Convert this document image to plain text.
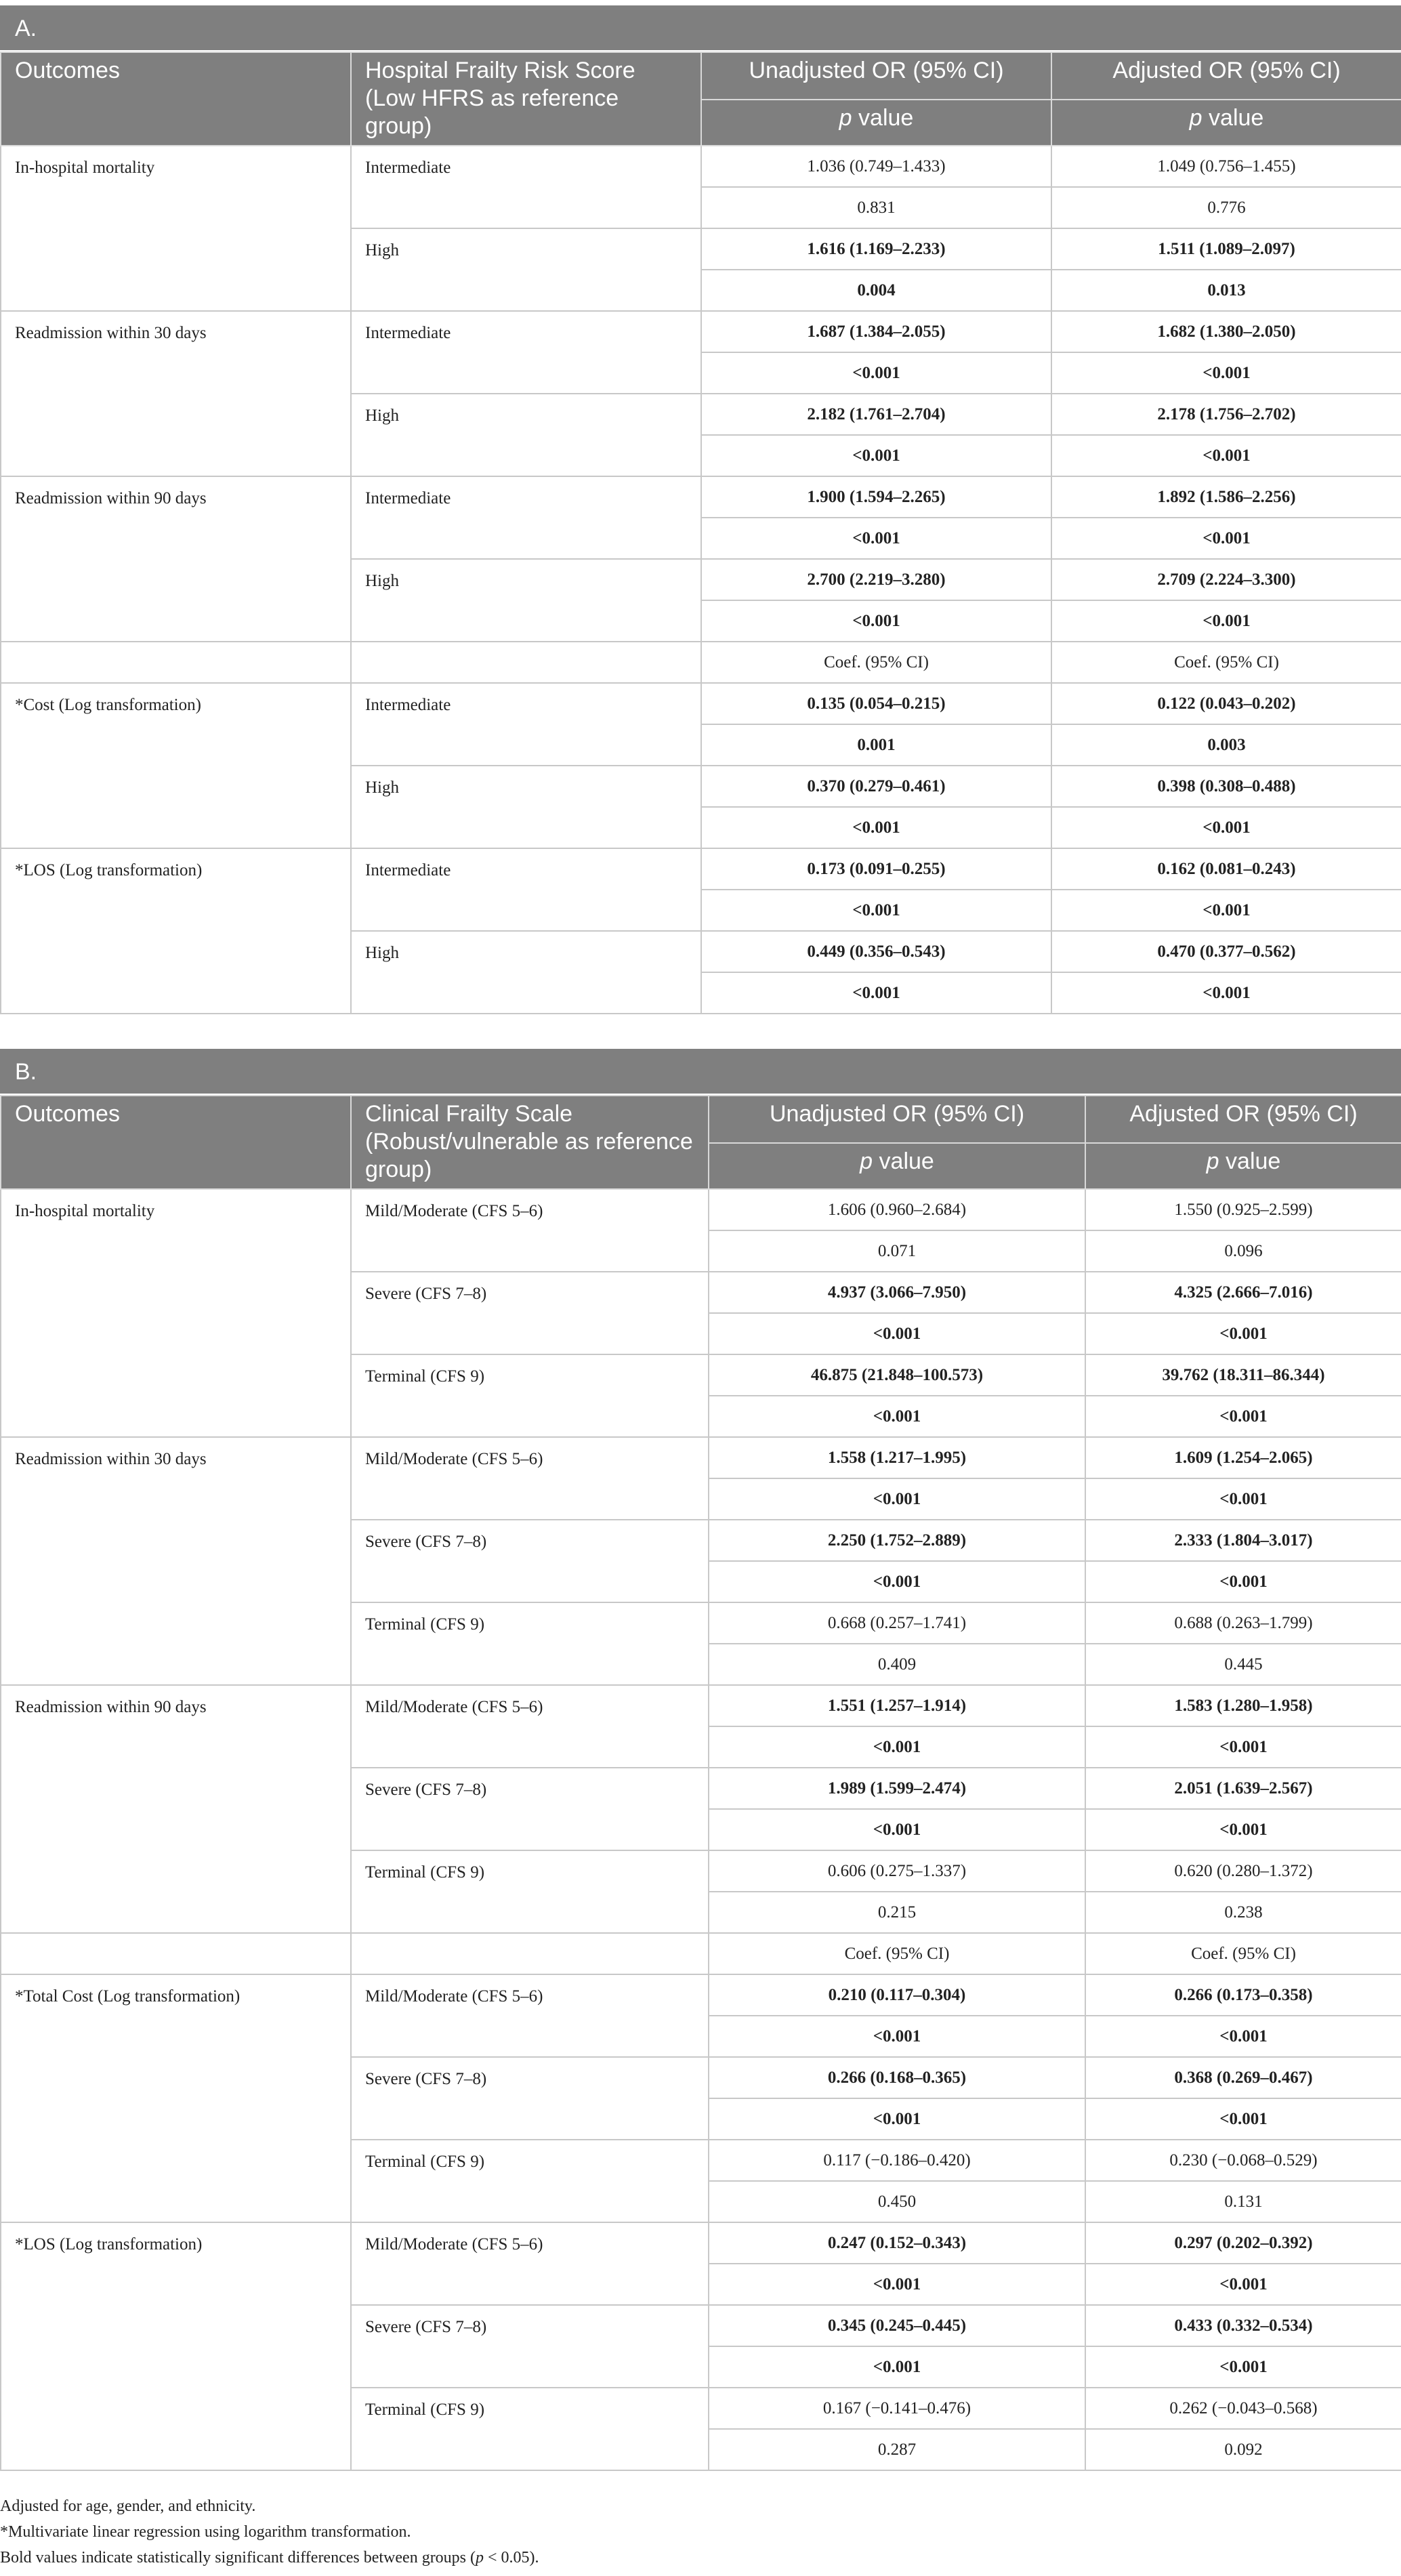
A.
Outcomes	Hospital Frailty Risk Score (Low HFRS as reference group)	Unadjusted OR (95% CI)	Adjusted OR (95% CI)
		p value	p value
In-hospital mortality	Intermediate	1.036 (0.749–1.433)	1.049 (0.756–1.455)
		0.831	0.776
	High	1.616 (1.169–2.233)	1.511 (1.089–2.097)
		0.004	0.013
Readmission within 30 days	Intermediate	1.687 (1.384–2.055)	1.682 (1.380–2.050)
		<0.001	<0.001
	High	2.182 (1.761–2.704)	2.178 (1.756–2.702)
		<0.001	<0.001
Readmission within 90 days	Intermediate	1.900 (1.594–2.265)	1.892 (1.586–2.256)
		<0.001	<0.001
	High	2.700 (2.219–3.280)	2.709 (2.224–3.300)
		<0.001	<0.001
		Coef. (95% CI)	Coef. (95% CI)
*Cost (Log transformation)	Intermediate	0.135 (0.054–0.215)	0.122 (0.043–0.202)
		0.001	0.003
	High	0.370 (0.279–0.461)	0.398 (0.308–0.488)
		<0.001	<0.001
*LOS (Log transformation)	Intermediate	0.173 (0.091–0.255)	0.162 (0.081–0.243)
		<0.001	<0.001
	High	0.449 (0.356–0.543)	0.470 (0.377–0.562)
		<0.001	<0.001
B.
Outcomes	Clinical Frailty Scale (Robust/vulnerable as reference group)	Unadjusted OR (95% CI)	Adjusted OR (95% CI)
		p value	p value
In-hospital mortality	Mild/Moderate (CFS 5–6)	1.606 (0.960–2.684)	1.550 (0.925–2.599)
		0.071	0.096
	Severe (CFS 7–8)	4.937 (3.066–7.950)	4.325 (2.666–7.016)
		<0.001	<0.001
	Terminal (CFS 9)	46.875 (21.848–100.573)	39.762 (18.311–86.344)
		<0.001	<0.001
Readmission within 30 days	Mild/Moderate (CFS 5–6)	1.558 (1.217–1.995)	1.609 (1.254–2.065)
		<0.001	<0.001
	Severe (CFS 7–8)	2.250 (1.752–2.889)	2.333 (1.804–3.017)
		<0.001	<0.001
	Terminal (CFS 9)	0.668 (0.257–1.741)	0.688 (0.263–1.799)
		0.409	0.445
Readmission within 90 days	Mild/Moderate (CFS 5–6)	1.551 (1.257–1.914)	1.583 (1.280–1.958)
		<0.001	<0.001
	Severe (CFS 7–8)	1.989 (1.599–2.474)	2.051 (1.639–2.567)
		<0.001	<0.001
	Terminal (CFS 9)	0.606 (0.275–1.337)	0.620 (0.280–1.372)
		0.215	0.238
		Coef. (95% CI)	Coef. (95% CI)
*Total Cost (Log transformation)	Mild/Moderate (CFS 5–6)	0.210 (0.117–0.304)	0.266 (0.173–0.358)
		<0.001	<0.001
	Severe (CFS 7–8)	0.266 (0.168–0.365)	0.368 (0.269–0.467)
		<0.001	<0.001
	Terminal (CFS 9)	0.117 (−0.186–0.420)	0.230 (−0.068–0.529)
		0.450	0.131
*LOS (Log transformation)	Mild/Moderate (CFS 5–6)	0.247 (0.152–0.343)	0.297 (0.202–0.392)
		<0.001	<0.001
	Severe (CFS 7–8)	0.345 (0.245–0.445)	0.433 (0.332–0.534)
		<0.001	<0.001
	Terminal (CFS 9)	0.167 (−0.141–0.476)	0.262 (−0.043–0.568)
		0.287	0.092
Adjusted for age, gender, and ethnicity.
*Multivariate linear regression using logarithm transformation.
Bold values indicate statistically significant differences between groups (p < 0.05).
